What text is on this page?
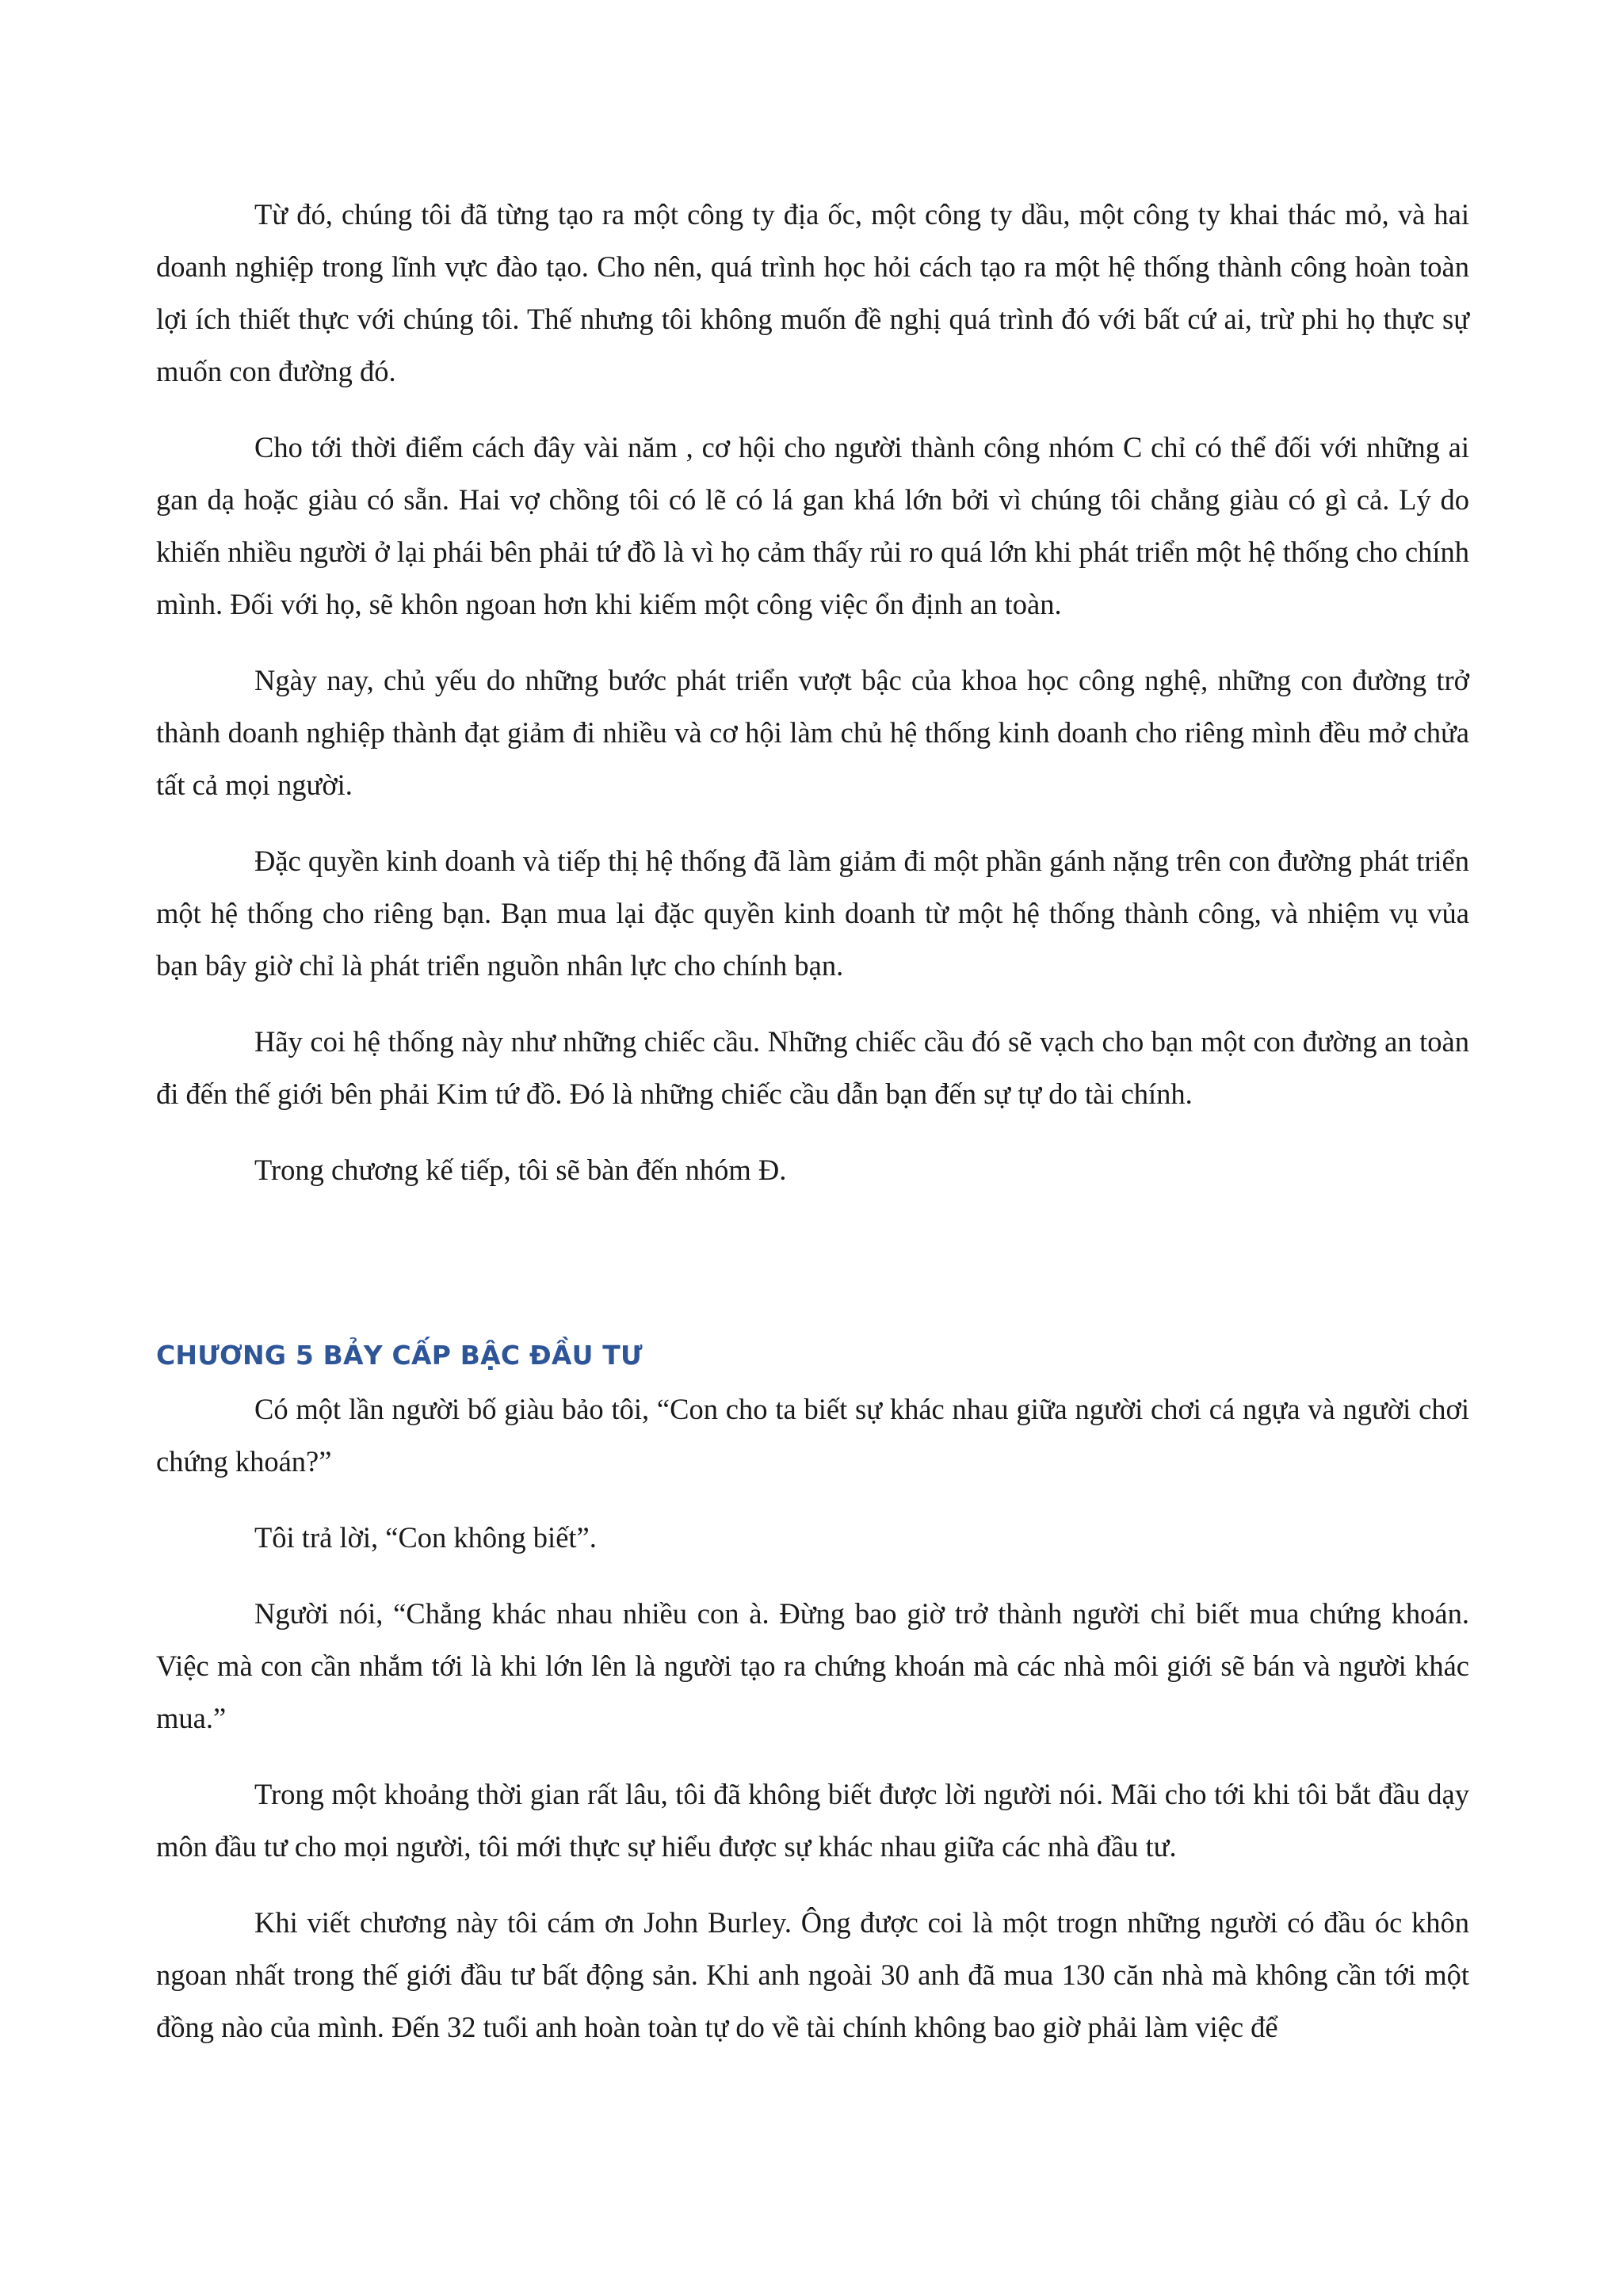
Từ đó, chúng tôi đã từng tạo ra một công ty địa ốc, một công ty dầu, một công ty khai thác mỏ, và hai doanh nghiệp trong lĩnh vực đào tạo. Cho nên, quá trình học hỏi cách tạo ra một hệ thống thành công hoàn toàn lợi ích thiết thực với chúng tôi. Thế nhưng tôi không muốn đề nghị quá trình đó với bất cứ ai, trừ phi họ thực sự muốn con đường đó.

Cho tới thời điểm cách đây vài năm , cơ hội cho người thành công nhóm C chỉ có thể đối với những ai gan dạ hoặc giàu có sẵn. Hai vợ chồng tôi có lẽ có lá gan khá lớn bởi vì chúng tôi chẳng giàu có gì cả. Lý do khiến nhiều người ở lại phái bên phải tứ đồ là vì họ cảm thấy rủi ro quá lớn khi phát triển một hệ thống cho chính mình. Đối với họ, sẽ khôn ngoan hơn khi kiếm một công việc ổn định an toàn.

Ngày nay, chủ yếu do những bước phát triển vượt bậc của khoa học công nghệ, những con đường trở thành doanh nghiệp thành đạt giảm đi nhiều và cơ hội làm chủ hệ thống kinh doanh cho riêng mình đều mở chửa tất cả mọi người.

Đặc quyền kinh doanh và tiếp thị hệ thống đã làm giảm đi một phần gánh nặng trên con đường phát triển một hệ thống cho riêng bạn. Bạn mua lại đặc quyền kinh doanh từ một hệ thống thành công, và nhiệm vụ vủa bạn bây giờ chỉ là phát triển nguồn nhân lực cho chính bạn.

Hãy coi hệ thống này như những chiếc cầu. Những chiếc cầu đó sẽ vạch cho bạn một con đường an toàn đi đến thế giới bên phải Kim tứ đồ. Đó là những chiếc cầu dẫn bạn đến sự tự do tài chính.

Trong chương kế tiếp, tôi sẽ bàn đến nhóm Đ.

CHƯƠNG 5 BẢY CẤP BẬC ĐẦU TƯ

Có một lần người bố giàu bảo tôi, “Con cho ta biết sự khác nhau giữa người chơi cá ngựa và người chơi chứng khoán?”

Tôi trả lời, “Con không biết”.

Người nói, “Chẳng khác nhau nhiều con à. Đừng bao giờ trở thành người chỉ biết mua chứng khoán. Việc mà con cần nhắm tới là khi lớn lên là người tạo ra chứng khoán mà các nhà môi giới sẽ bán và người khác mua.”

Trong một khoảng thời gian rất lâu, tôi đã không biết được lời người nói. Mãi cho tới khi tôi bắt đầu dạy môn đầu tư cho mọi người, tôi mới thực sự hiểu được sự khác nhau giữa các nhà đầu tư.

Khi viết chương này tôi cám ơn John Burley. Ông được coi là một trogn những người có đầu óc khôn ngoan nhất trong thế giới đầu tư bất động sản. Khi anh ngoài 30 anh đã mua 130 căn nhà mà không cần tới một đồng nào của mình. Đến 32 tuổi anh hoàn toàn tự do về tài chính không bao giờ phải làm việc để
